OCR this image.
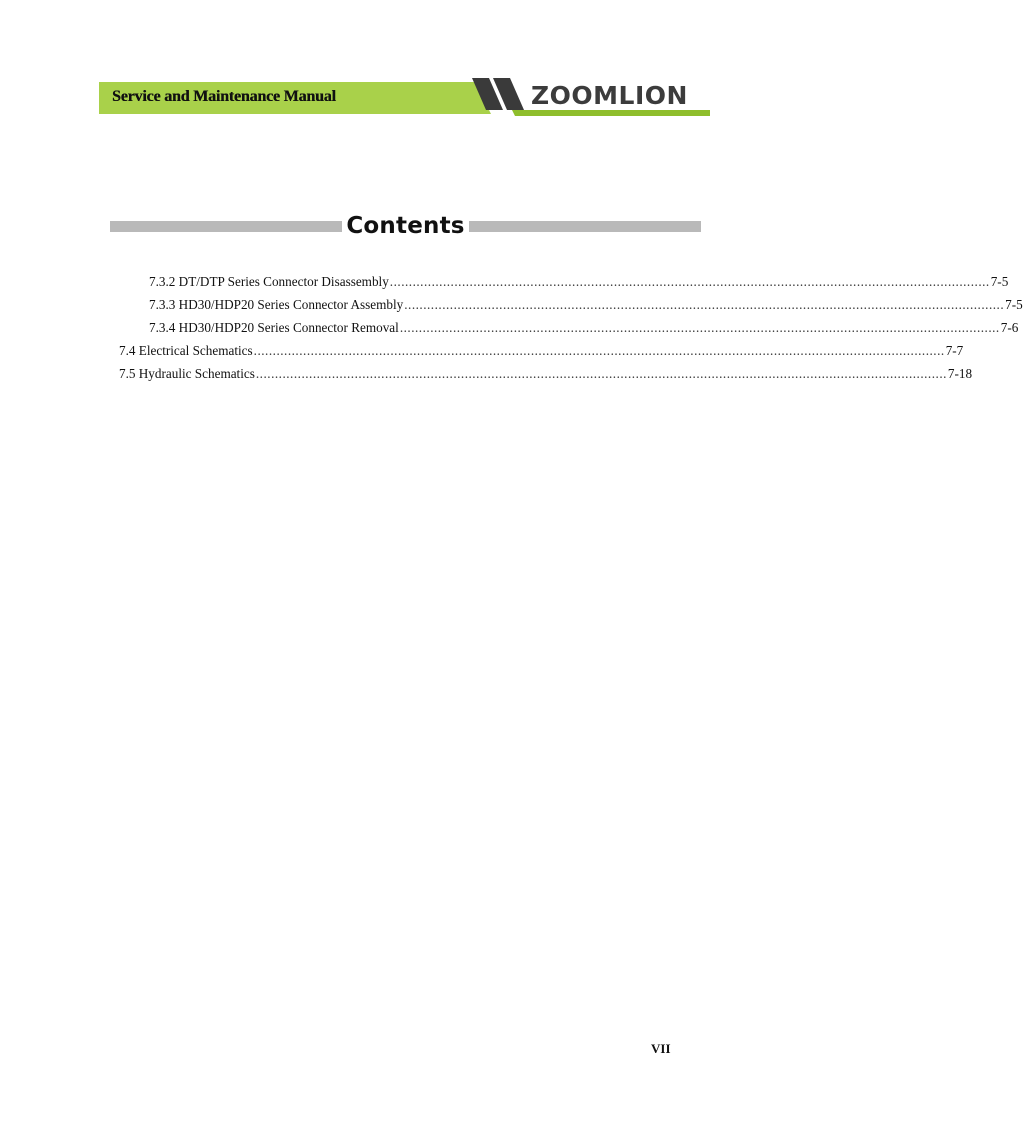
Service and Maintenance Manual	ZOOMLION
Contents
7.3.2 DT/DTP Series Connector Disassembly .............................................................................................................................................................. 7-5
7.3.3 HD30/HDP20 Series Connector Assembly .............................................................................................................................................................. 7-5
7.3.4 HD30/HDP20 Series Connector Removal .............................................................................................................................................................. 7-6
7.4 Electrical Schematics ...................................................................................................................................................................................... 7-7
7.5 Hydraulic Schematics ...................................................................................................................................................................................... 7-18
VII
